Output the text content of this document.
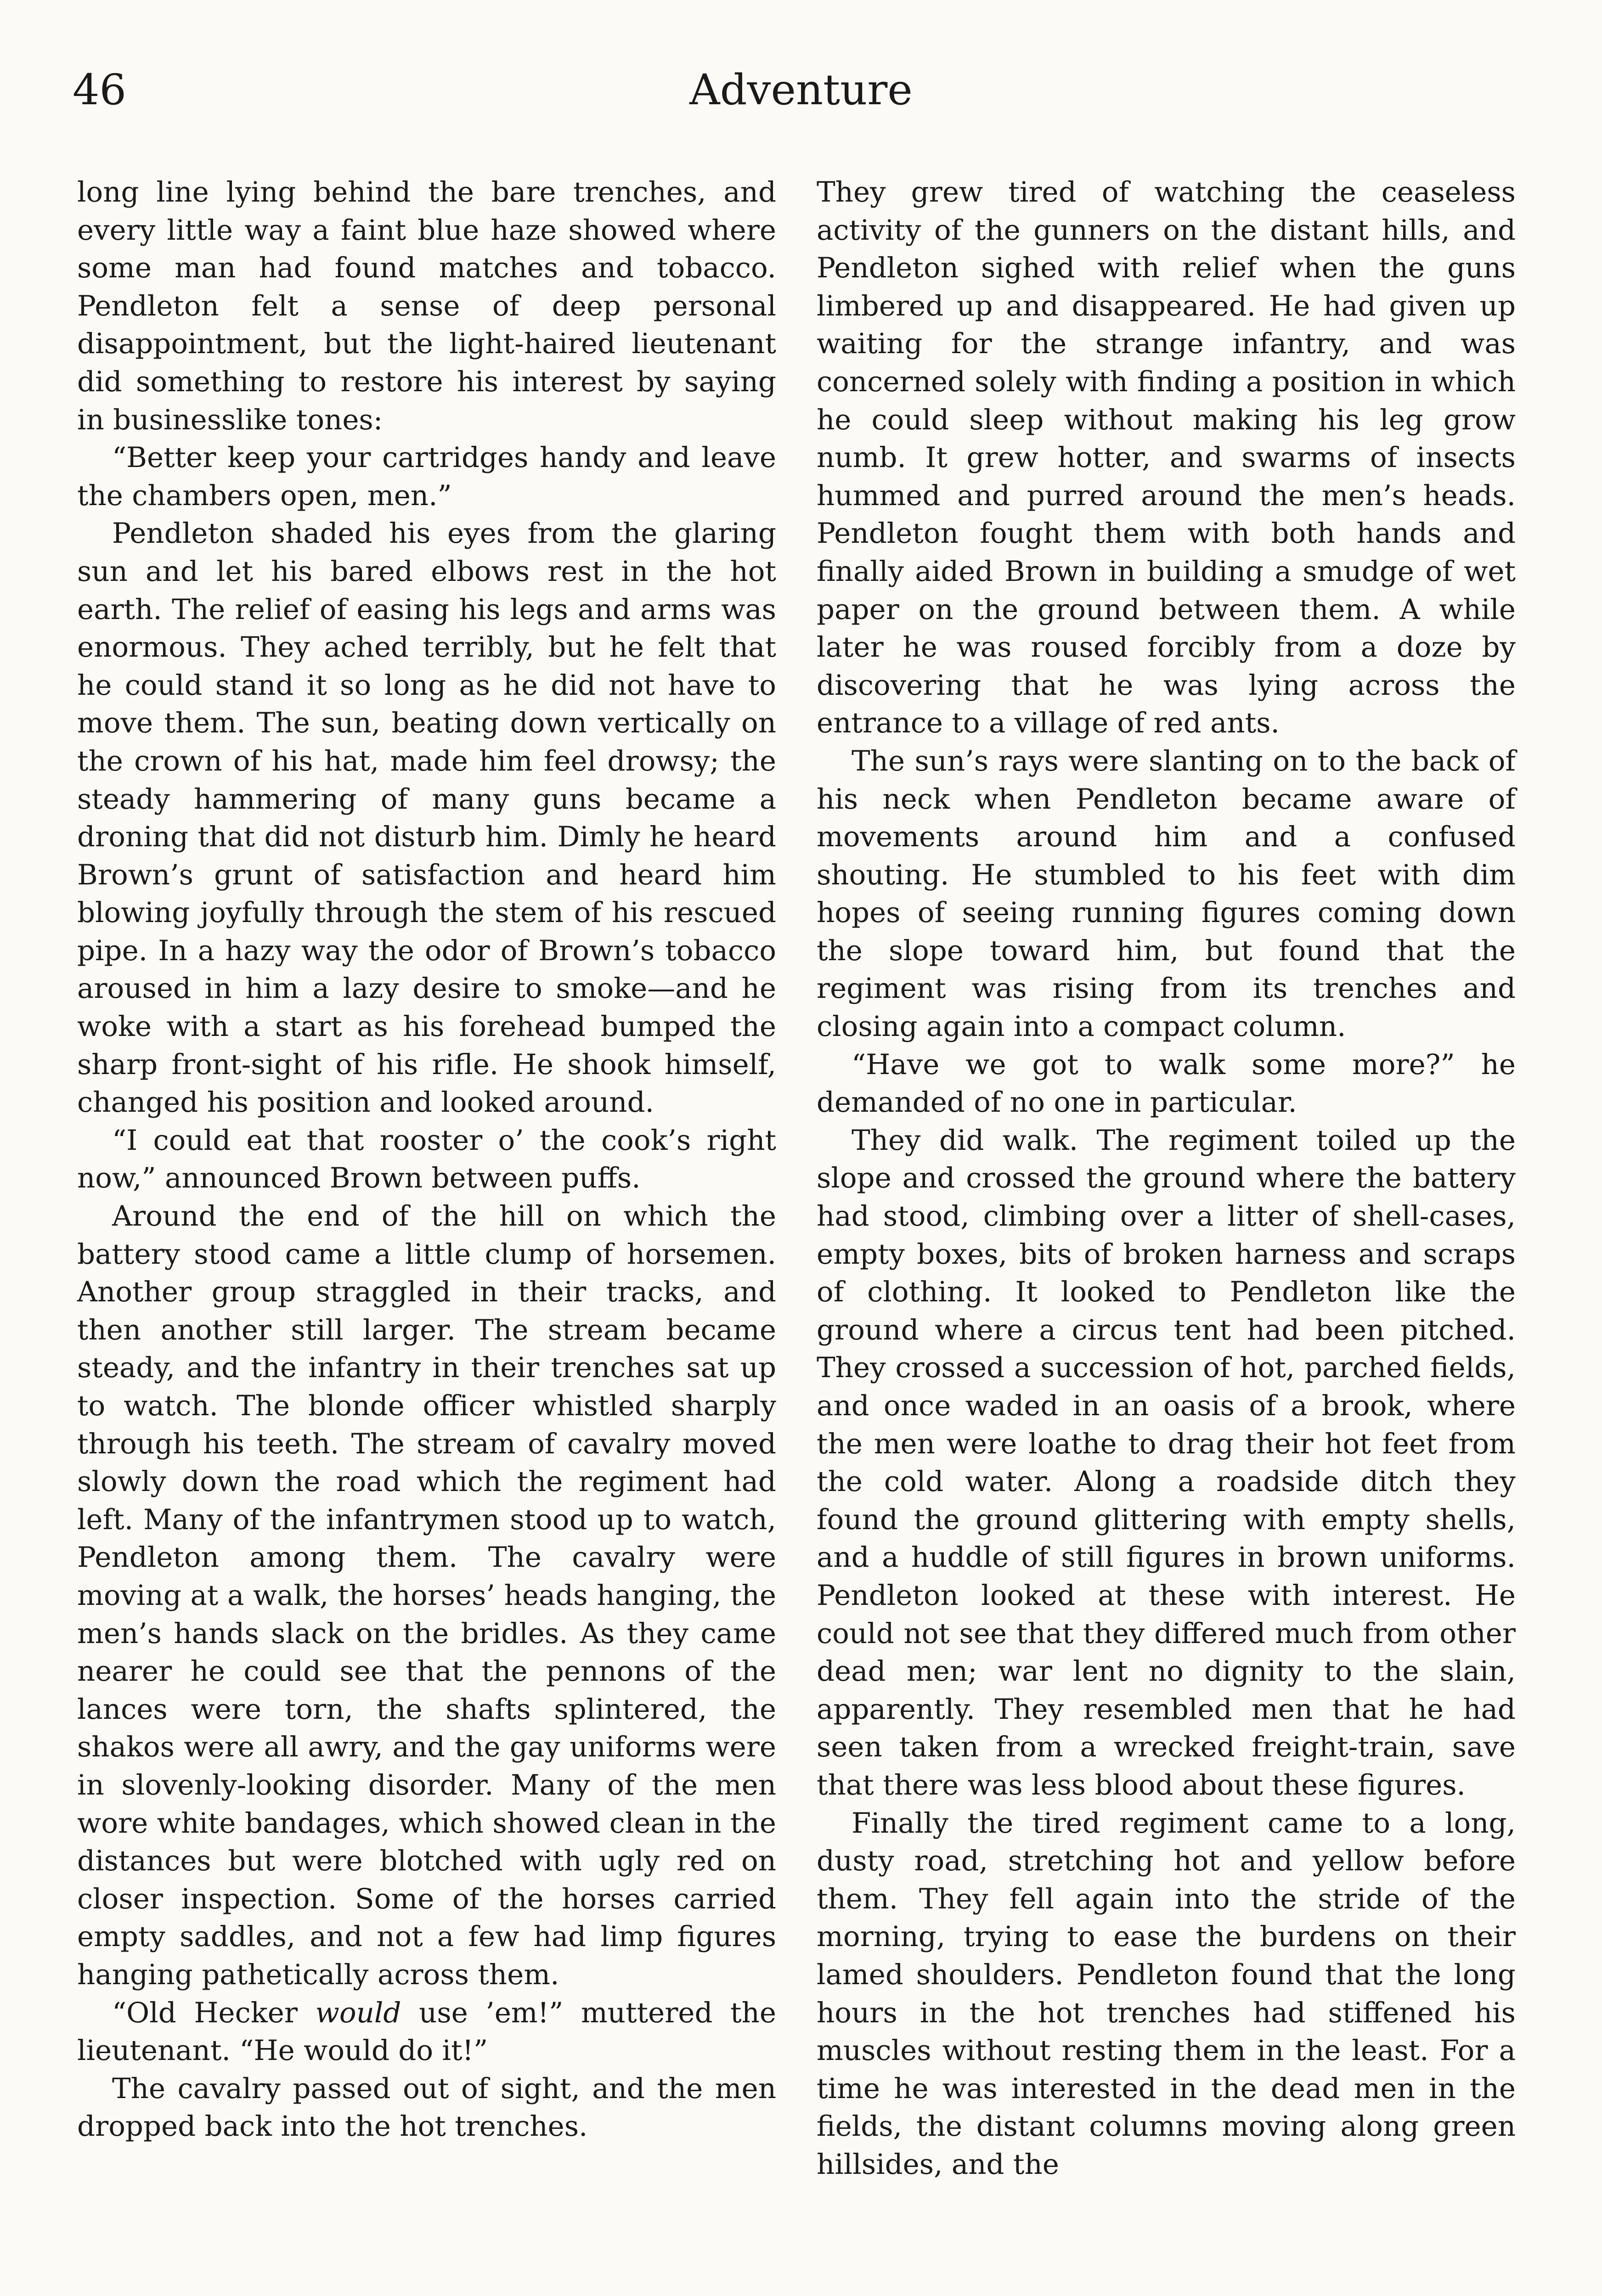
46	Adventure

long line lying behind the bare trenches, and every little way a faint blue haze showed where some man had found matches and tobacco. Pendleton felt a sense of deep personal disappointment, but the light-haired lieutenant did something to restore his interest by saying in businesslike tones:

“Better keep your cartridges handy and leave the chambers open, men.”

Pendleton shaded his eyes from the glaring sun and let his bared elbows rest in the hot earth. The relief of easing his legs and arms was enormous. They ached terribly, but he felt that he could stand it so long as he did not have to move them. The sun, beating down vertically on the crown of his hat, made him feel drowsy; the steady hammering of many guns became a droning that did not disturb him. Dimly he heard Brown’s grunt of satisfaction and heard him blowing joyfully through the stem of his rescued pipe. In a hazy way the odor of Brown’s tobacco aroused in him a lazy desire to smoke—and he woke with a start as his forehead bumped the sharp front-sight of his rifle. He shook himself, changed his position and looked around.

“I could eat that rooster o’ the cook’s right now,” announced Brown between puffs.

Around the end of the hill on which the battery stood came a little clump of horsemen. Another group straggled in their tracks, and then another still larger. The stream became steady, and the infantry in their trenches sat up to watch. The blonde officer whistled sharply through his teeth. The stream of cavalry moved slowly down the road which the regiment had left. Many of the infantrymen stood up to watch, Pendleton among them. The cavalry were moving at a walk, the horses’ heads hanging, the men’s hands slack on the bridles. As they came nearer he could see that the pennons of the lances were torn, the shafts splintered, the shakos were all awry, and the gay uniforms were in slovenly-looking disorder. Many of the men wore white bandages, which showed clean in the distances but were blotched with ugly red on closer inspection. Some of the horses carried empty saddles, and not a few had limp figures hanging pathetically across them.

“Old Hecker would use ’em!” muttered the lieutenant. “He would do it!”

The cavalry passed out of sight, and the men dropped back into the hot trenches.

They grew tired of watching the ceaseless activity of the gunners on the distant hills, and Pendleton sighed with relief when the guns limbered up and disappeared. He had given up waiting for the strange infantry, and was concerned solely with finding a position in which he could sleep without making his leg grow numb. It grew hotter, and swarms of insects hummed and purred around the men’s heads. Pendleton fought them with both hands and finally aided Brown in building a smudge of wet paper on the ground between them. A while later he was roused forcibly from a doze by discovering that he was lying across the entrance to a village of red ants.

The sun’s rays were slanting on to the back of his neck when Pendleton became aware of movements around him and a confused shouting. He stumbled to his feet with dim hopes of seeing running figures coming down the slope toward him, but found that the regiment was rising from its trenches and closing again into a compact column.

“Have we got to walk some more?” he demanded of no one in particular.

They did walk. The regiment toiled up the slope and crossed the ground where the battery had stood, climbing over a litter of shell-cases, empty boxes, bits of broken harness and scraps of clothing. It looked to Pendleton like the ground where a circus tent had been pitched. They crossed a succession of hot, parched fields, and once waded in an oasis of a brook, where the men were loathe to drag their hot feet from the cold water. Along a roadside ditch they found the ground glittering with empty shells, and a huddle of still figures in brown uniforms. Pendleton looked at these with interest. He could not see that they differed much from other dead men; war lent no dignity to the slain, apparently. They resembled men that he had seen taken from a wrecked freight-train, save that there was less blood about these figures.

Finally the tired regiment came to a long, dusty road, stretching hot and yellow before them. They fell again into the stride of the morning, trying to ease the burdens on their lamed shoulders. Pendleton found that the long hours in the hot trenches had stiffened his muscles without resting them in the least. For a time he was interested in the dead men in the fields, the distant columns moving along green hillsides, and the
